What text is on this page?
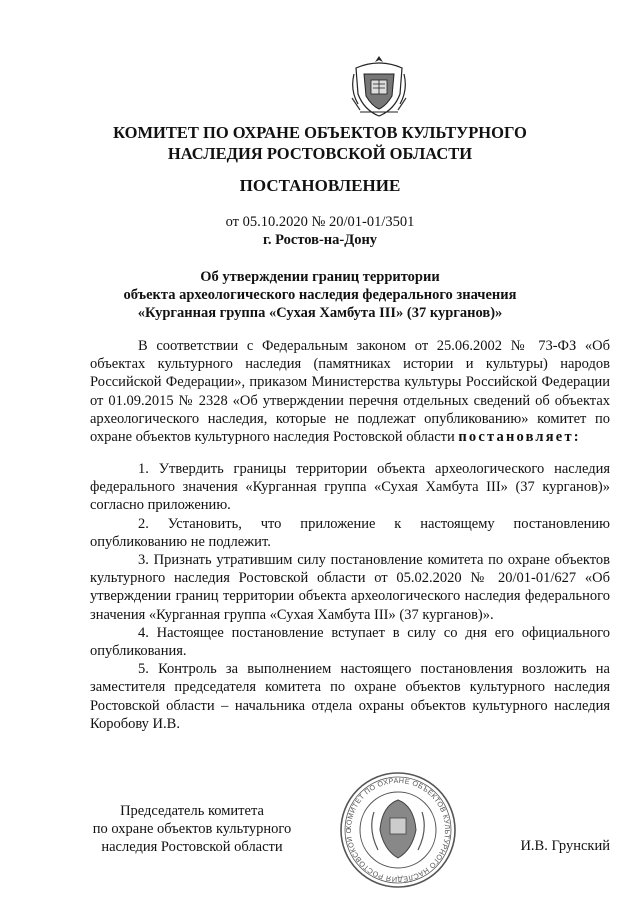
КОМИТЕТ ПО ОХРАНЕ ОБЪЕКТОВ КУЛЬТУРНОГО
НАСЛЕДИЯ РОСТОВСКОЙ ОБЛАСТИ
ПОСТАНОВЛЕНИЕ
от 05.10.2020 № 20/01-01/3501
г. Ростов-на-Дону
Об утверждении границ территории
объекта археологического наследия федерального значения
«Курганная группа «Сухая Хамбута III» (37 курганов)»

В соответствии с Федеральным законом от 25.06.2002 № 73-ФЗ «Об объектах культурного наследия (памятниках истории и культуры) народов Российской Федерации», приказом Министерства культуры Российской Федерации от 01.09.2015 № 2328 «Об утверждении перечня отдельных сведений об объектах археологического наследия, которые не подлежат опубликованию» комитет по охране объектов культурного наследия Ростовской области постановляет:

1. Утвердить границы территории объекта археологического наследия федерального значения «Курганная группа «Сухая Хамбута III» (37 курганов)» согласно приложению.

2. Установить, что приложение к настоящему постановлению опубликованию не подлежит.

3. Признать утратившим силу постановление комитета по охране объектов культурного наследия Ростовской области от 05.02.2020 № 20/01-01/627 «Об утверждении границ территории объекта археологического наследия федерального значения «Курганная группа «Сухая Хамбута III» (37 курганов)».

4. Настоящее постановление вступает в силу со дня его официального опубликования.

5. Контроль за выполнением настоящего постановления возложить на заместителя председателя комитета по охране объектов культурного наследия Ростовской области – начальника отдела охраны объектов культурного наследия Коробову И.В.

Председатель комитета
по охране объектов культурного
наследия Ростовской области
КОМИТЕТ ПО ОХРАНЕ ОБЪЕКТОВ КУЛЬТУРНОГО НАСЛЕДИЯ РОСТОВСКОЙ О
И.В. Грунский
